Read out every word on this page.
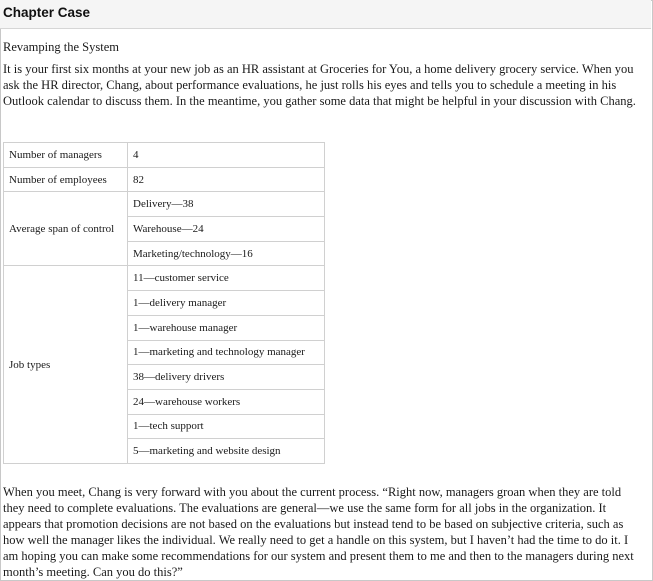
Chapter Case
Revamping the System

It is your first six months at your new job as an HR assistant at Groceries for You, a home delivery grocery service. When you ask the HR director, Chang, about performance evaluations, he just rolls his eyes and tells you to schedule a meeting in his Outlook calendar to discuss them. In the meantime, you gather some data that might be helpful in your discussion with Chang.

Number of managers	4
Number of employees	82
Average span of control	Delivery—38
	Warehouse—24
	Marketing/technology—16
Job types	11—customer service
	1—delivery manager
	1—warehouse manager
	1—marketing and technology manager
	38—delivery drivers
	24—warehouse workers
	1—tech support
	5—marketing and website design

When you meet, Chang is very forward with you about the current process. “Right now, managers groan when they are told they need to complete evaluations. The evaluations are general—we use the same form for all jobs in the organization. It appears that promotion decisions are not based on the evaluations but instead tend to be based on subjective criteria, such as how well the manager likes the individual. We really need to get a handle on this system, but I haven’t had the time to do it. I am hoping you can make some recommendations for our system and present them to me and then to the managers during next month’s meeting. Can you do this?”
